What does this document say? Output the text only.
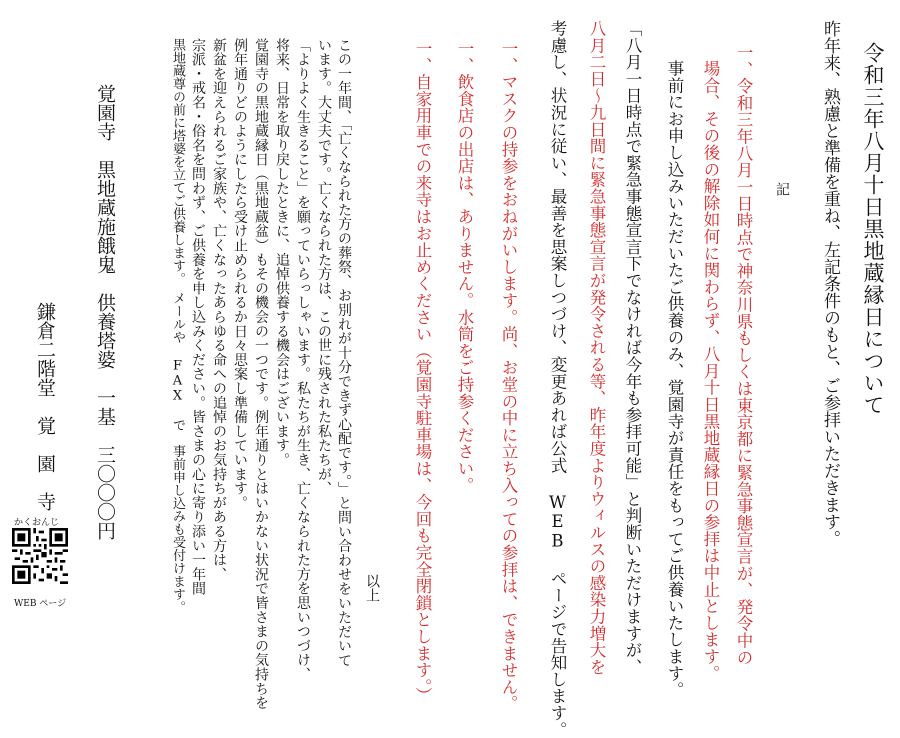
令和三年八月十日黒地蔵縁日について

昨年来、熟慮と準備を重ね、左記条件のもと、ご参拝いただきます。

記

一、令和三年八月一日時点で神奈川県もしくは東京都に緊急事態宣言が、発令中の

場合、その後の解除如何に関わらず、八月十日黒地蔵縁日の参拝は中止とします。

事前にお申し込みいただいたご供養のみ、覚園寺が責任をもってご供養いたします。

「八月一日時点で緊急事態宣言下でなければ今年も参拝可能」と判断いただけますが、

八月二日〜九日間に緊急事態宣言が発令される等、昨年度よりウィルスの感染力増大を

考慮し、状況に従い、最善を思案しつづけ、変更あれば公式 WEB ページで告知します。

一、マスクの持参をおねがいします。尚、お堂の中に立ち入っての参拝は、できません。

一、飲食店の出店は、ありません。水筒をご持参ください。

一、自家用車での来寺はお止めください（覚園寺駐車場は、今回も完全閉鎖とします。）

以上

この一年間、「亡くなられた方の葬祭、お別れが十分できず心配です。」と問い合わせをいただいて

います。大丈夫です。亡くなられた方は、この世に残された私たちが、

「よりよく生きること」を願っていらっしゃいます。私たちが生き、亡くなられた方を思いつづけ、

将来、日常を取り戻したときに、追悼供養する機会はございます。

覚園寺の黒地蔵縁日（黒地蔵盆）もその機会の一つです。例年通りとはいかない状況で皆さまの気持ちを

例年通りどのようにしたら受け止められるか日々思案し準備しています。

新盆を迎えられるご家族や、亡くなったあらゆる命への追悼のお気持ちがある方は、

宗派・戒名・俗名を問わず、ご供養を申し込みください。皆さまの心に寄り添い一年間

黒地蔵尊の前に塔婆を立てご供養します。　メールや FAX で　事前申し込みも受付けます。

覚園寺　黒地蔵施餓鬼　供養塔婆　一基　三〇〇〇円

鎌倉二階堂　覚　園　寺

かくおんじ
WEB ページ
